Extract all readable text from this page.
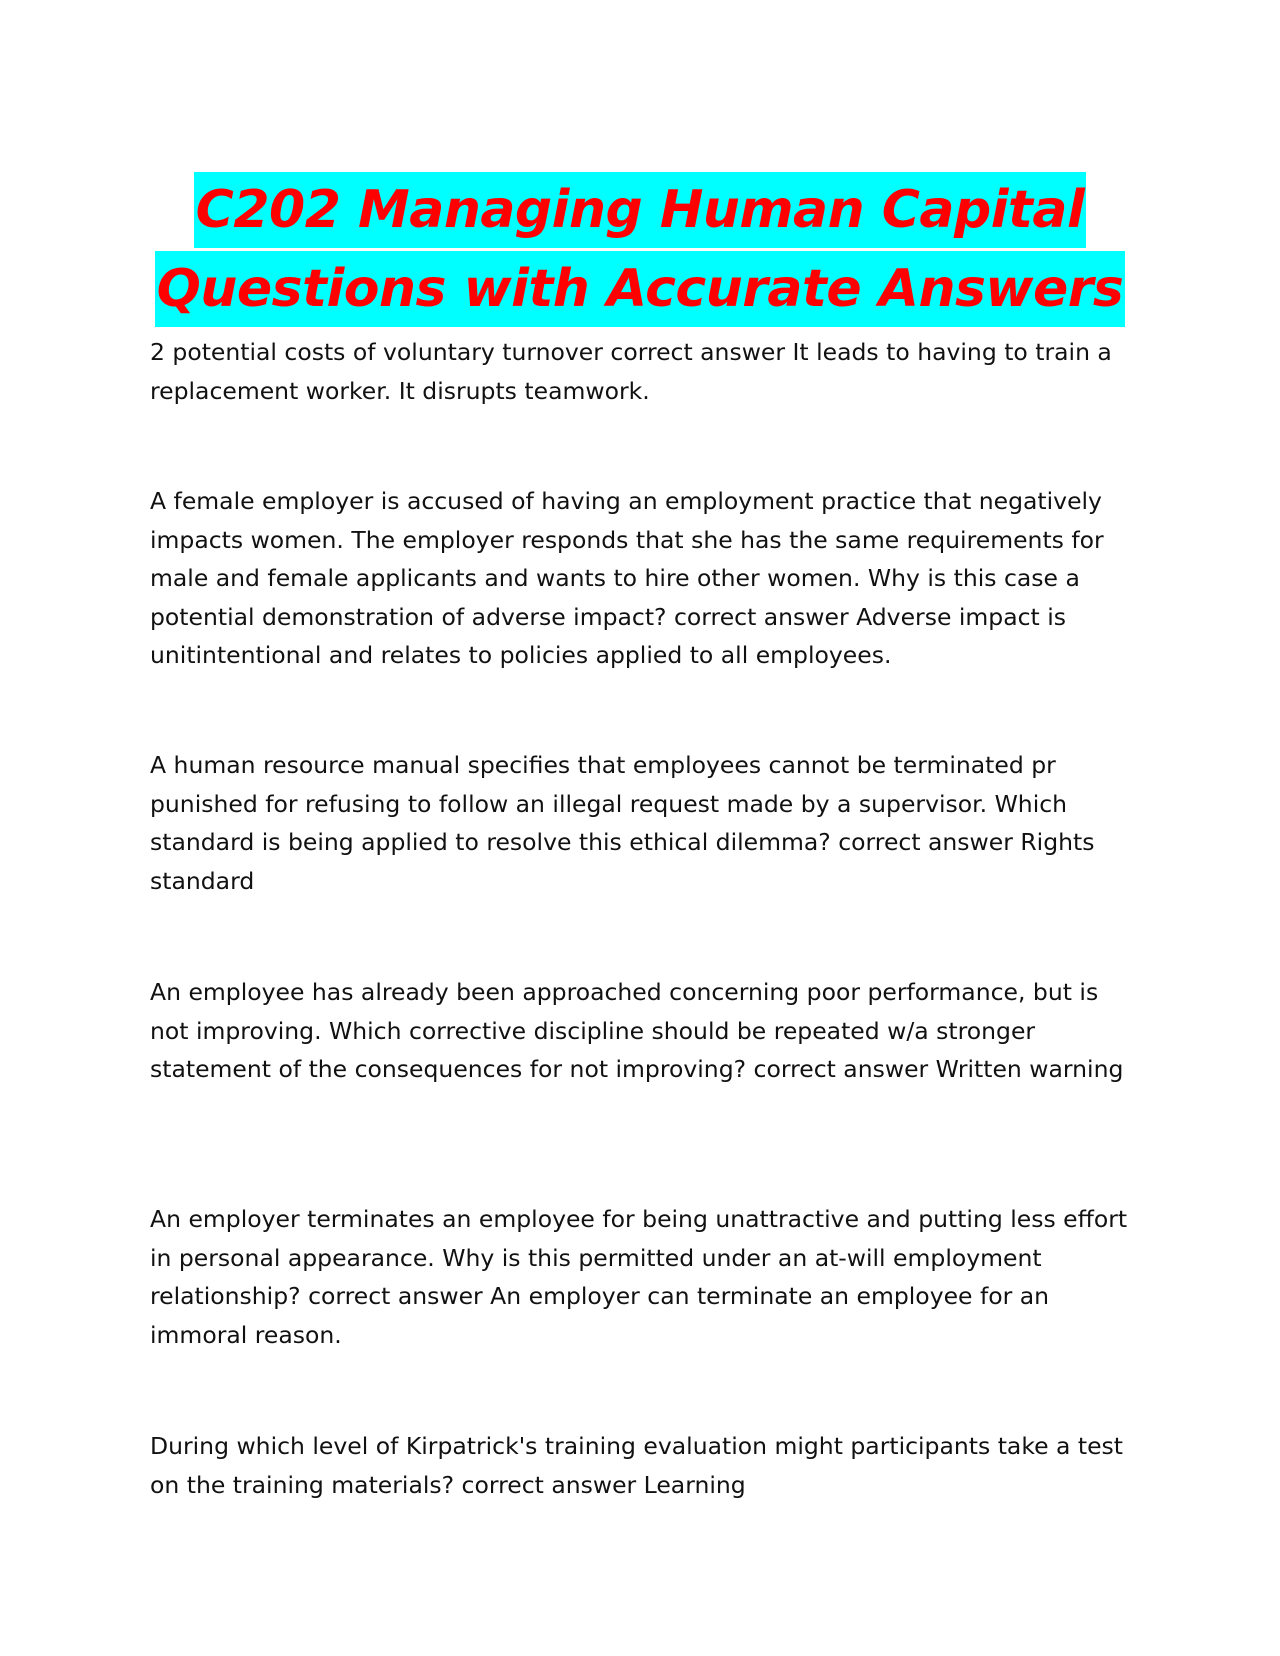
C202 Managing Human Capital
Questions with Accurate Answers

2 potential costs of voluntary turnover correct answer It leads to having to train a replacement worker. It disrupts teamwork.

A female employer is accused of having an employment practice that negatively impacts women. The employer responds that she has the same requirements for male and female applicants and wants to hire other women. Why is this case a potential demonstration of adverse impact? correct answer Adverse impact is unitintentional and relates to policies applied to all employees.

A human resource manual specifies that employees cannot be terminated pr punished for refusing to follow an illegal request made by a supervisor. Which standard is being applied to resolve this ethical dilemma? correct answer Rights standard

An employee has already been approached concerning poor performance, but is not improving. Which corrective discipline should be repeated w/a stronger statement of the consequences for not improving? correct answer Written warning

An employer terminates an employee for being unattractive and putting less effort in personal appearance. Why is this permitted under an at-will employment relationship? correct answer An employer can terminate an employee for an immoral reason.

During which level of Kirpatrick's training evaluation might participants take a test on the training materials? correct answer Learning
